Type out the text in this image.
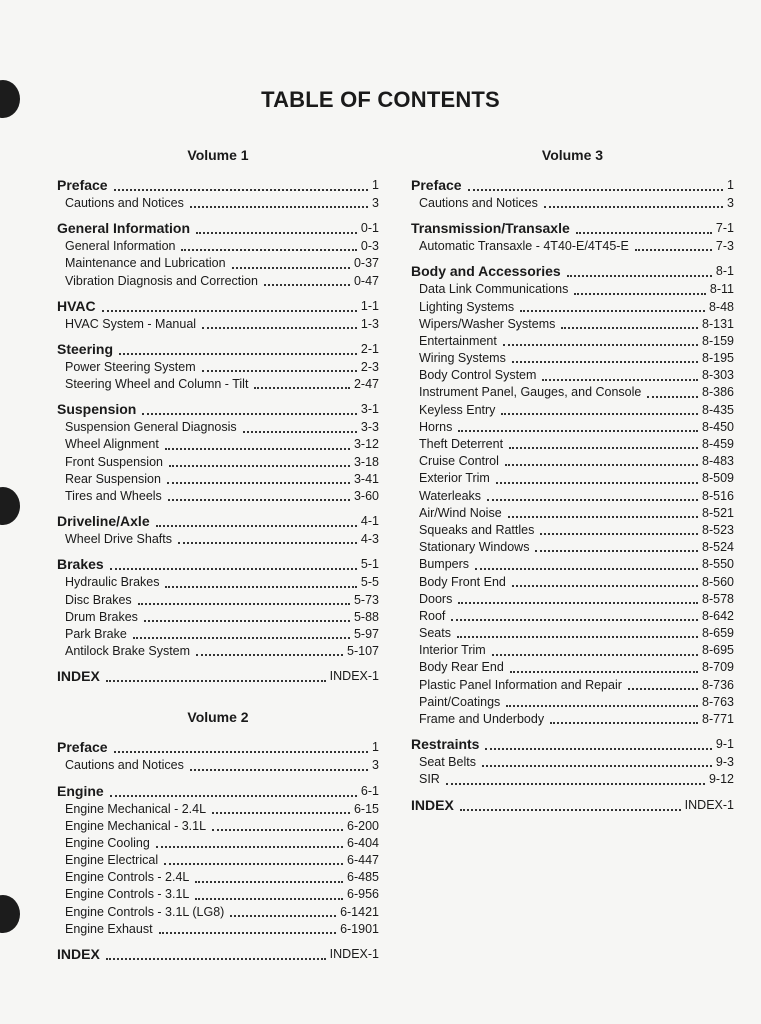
TABLE OF CONTENTS
Volume 1
Preface	1
Cautions and Notices	3
General Information	0-1
General Information	0-3
Maintenance and Lubrication	0-37
Vibration Diagnosis and Correction	0-47
HVAC	1-1
HVAC System - Manual	1-3
Steering	2-1
Power Steering System	2-3
Steering Wheel and Column - Tilt	2-47
Suspension	3-1
Suspension General Diagnosis	3-3
Wheel Alignment	3-12
Front Suspension	3-18
Rear Suspension	3-41
Tires and Wheels	3-60
Driveline/Axle	4-1
Wheel Drive Shafts	4-3
Brakes	5-1
Hydraulic Brakes	5-5
Disc Brakes	5-73
Drum Brakes	5-88
Park Brake	5-97
Antilock Brake System	5-107
INDEX	INDEX-1
Volume 2
Preface	1
Cautions and Notices	3
Engine	6-1
Engine Mechanical - 2.4L	6-15
Engine Mechanical - 3.1L	6-200
Engine Cooling	6-404
Engine Electrical	6-447
Engine Controls - 2.4L	6-485
Engine Controls - 3.1L	6-956
Engine Controls - 3.1L (LG8)	6-1421
Engine Exhaust	6-1901
INDEX	INDEX-1
Volume 3
Preface	1
Cautions and Notices	3
Transmission/Transaxle	7-1
Automatic Transaxle - 4T40-E/4T45-E	7-3
Body and Accessories	8-1
Data Link Communications	8-11
Lighting Systems	8-48
Wipers/Washer Systems	8-131
Entertainment	8-159
Wiring Systems	8-195
Body Control System	8-303
Instrument Panel, Gauges, and Console	8-386
Keyless Entry	8-435
Horns	8-450
Theft Deterrent	8-459
Cruise Control	8-483
Exterior Trim	8-509
Waterleaks	8-516
Air/Wind Noise	8-521
Squeaks and Rattles	8-523
Stationary Windows	8-524
Bumpers	8-550
Body Front End	8-560
Doors	8-578
Roof	8-642
Seats	8-659
Interior Trim	8-695
Body Rear End	8-709
Plastic Panel Information and Repair	8-736
Paint/Coatings	8-763
Frame and Underbody	8-771
Restraints	9-1
Seat Belts	9-3
SIR	9-12
INDEX	INDEX-1
